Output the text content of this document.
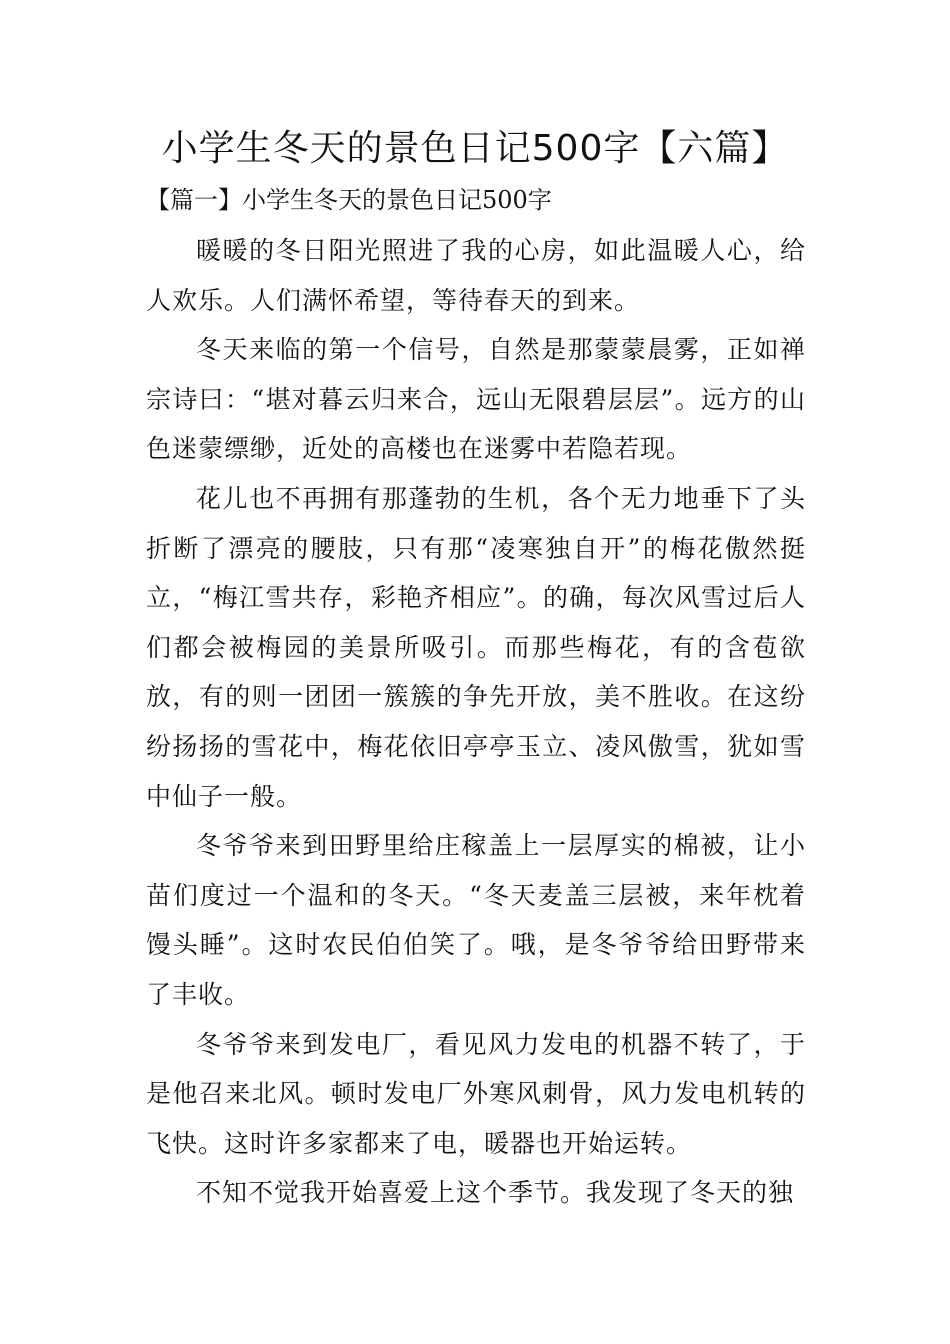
小学生冬天的景色日记500字【六篇】
【篇一】小学生冬天的景色日记500字

暖暖的冬日阳光照进了我的心房，如此温暖人心，给人欢乐。人们满怀希望，等待春天的到来。

冬天来临的第一个信号，自然是那蒙蒙晨雾，正如禅宗诗曰：“堪对暮云归来合，远山无限碧层层”。远方的山色迷蒙缥缈，近处的高楼也在迷雾中若隐若现。

花儿也不再拥有那蓬勃的生机，各个无力地垂下了头折断了漂亮的腰肢，只有那“凌寒独自开”的梅花傲然挺立，“梅江雪共存，彩艳齐相应”。的确，每次风雪过后人们都会被梅园的美景所吸引。而那些梅花，有的含苞欲放，有的则一团团一簇簇的争先开放，美不胜收。在这纷纷扬扬的雪花中，梅花依旧亭亭玉立、凌风傲雪，犹如雪中仙子一般。

冬爷爷来到田野里给庄稼盖上一层厚实的棉被，让小苗们度过一个温和的冬天。“冬天麦盖三层被，来年枕着馒头睡”。这时农民伯伯笑了。哦，是冬爷爷给田野带来了丰收。

冬爷爷来到发电厂，看见风力发电的机器不转了，于是他召来北风。顿时发电厂外寒风刺骨，风力发电机转的飞快。这时许多家都来了电，暖器也开始运转。

不知不觉我开始喜爱上这个季节。我发现了冬天的独
